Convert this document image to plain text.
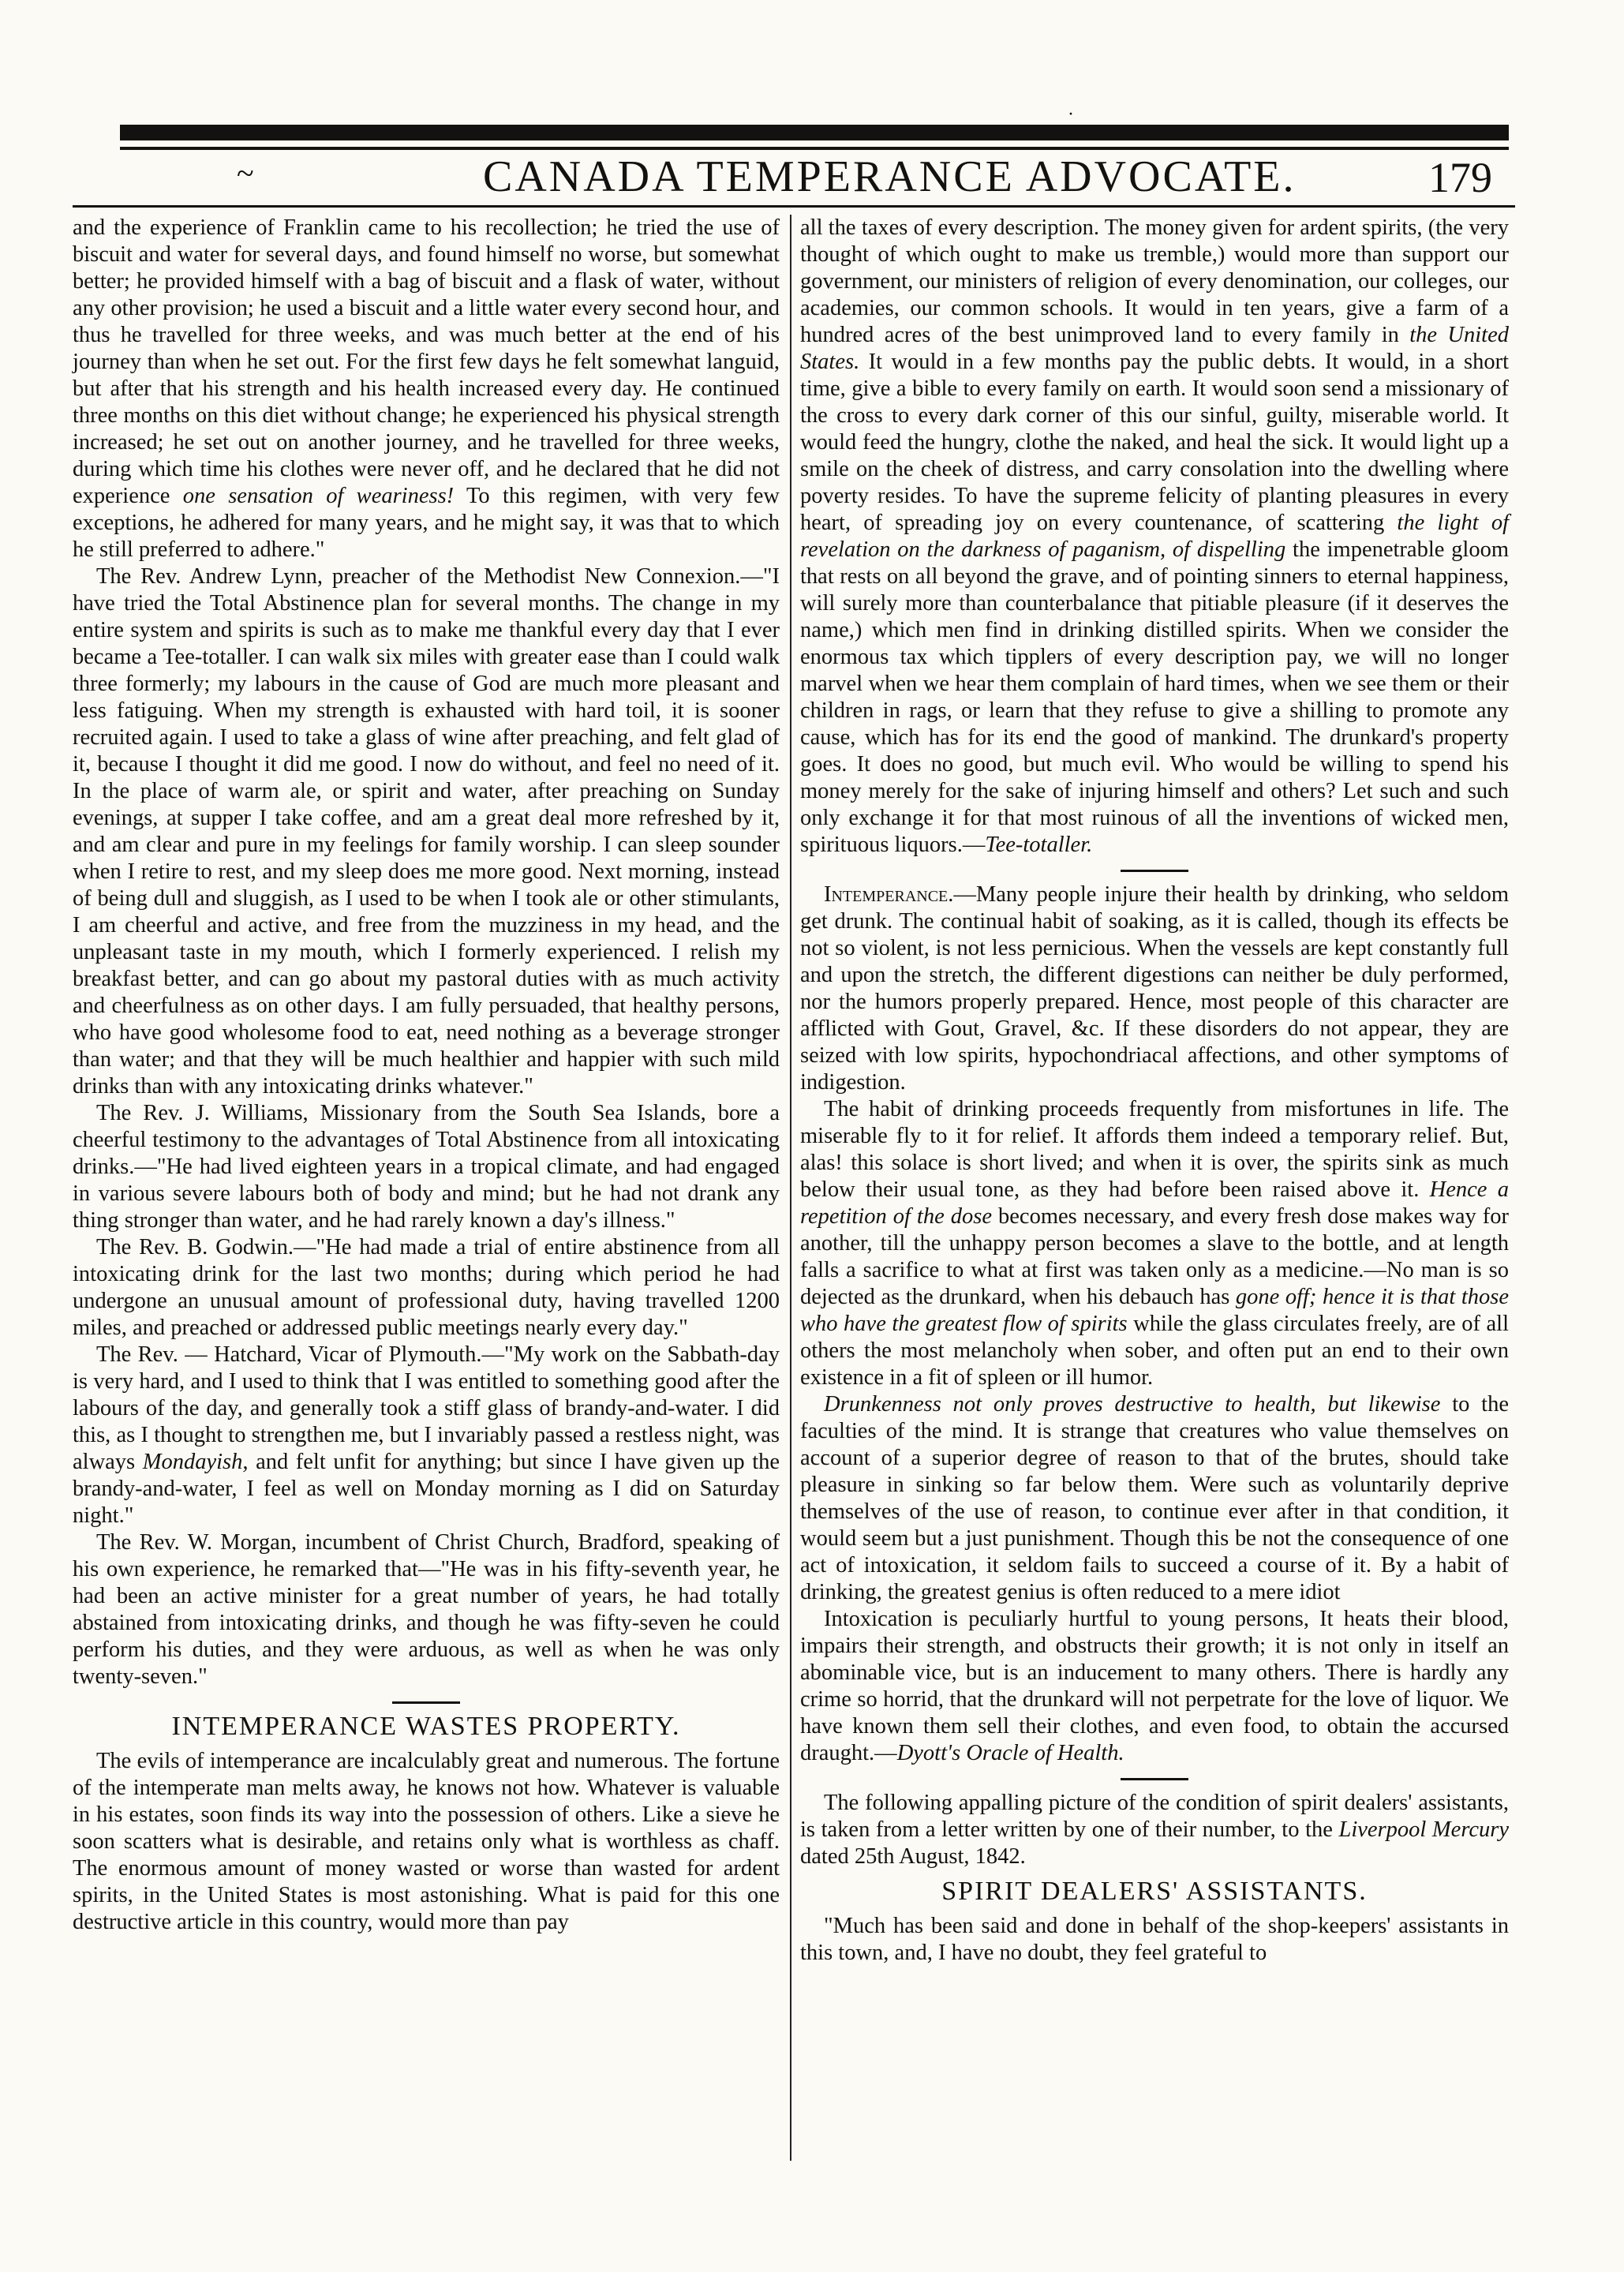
·
~	CANADA TEMPERANCE ADVOCATE.	179

and the experience of Franklin came to his recollection; he tried the use of biscuit and water for several days, and found himself no worse, but somewhat better; he provided himself with a bag of biscuit and a flask of water, without any other provision; he used a biscuit and a little water every second hour, and thus he travelled for three weeks, and was much better at the end of his journey than when he set out. For the first few days he felt somewhat languid, but after that his strength and his health increased every day. He continued three months on this diet without change; he experienced his physical strength increased; he set out on another journey, and he travelled for three weeks, during which time his clothes were never off, and he declared that he did not experience one sensation of weariness! To this regimen, with very few exceptions, he adhered for many years, and he might say, it was that to which he still preferred to adhere."

The Rev. Andrew Lynn, preacher of the Methodist New Connexion.—"I have tried the Total Abstinence plan for several months. The change in my entire system and spirits is such as to make me thankful every day that I ever became a Tee-totaller. I can walk six miles with greater ease than I could walk three formerly; my labours in the cause of God are much more pleasant and less fatiguing. When my strength is exhausted with hard toil, it is sooner recruited again. I used to take a glass of wine after preaching, and felt glad of it, because I thought it did me good. I now do without, and feel no need of it. In the place of warm ale, or spirit and water, after preaching on Sunday evenings, at supper I take coffee, and am a great deal more refreshed by it, and am clear and pure in my feelings for family worship. I can sleep sounder when I retire to rest, and my sleep does me more good. Next morning, instead of being dull and sluggish, as I used to be when I took ale or other stimulants, I am cheerful and active, and free from the muzziness in my head, and the unpleasant taste in my mouth, which I formerly experienced. I relish my breakfast better, and can go about my pastoral duties with as much activity and cheerfulness as on other days. I am fully persuaded, that healthy persons, who have good wholesome food to eat, need nothing as a beverage stronger than water; and that they will be much healthier and happier with such mild drinks than with any intoxicating drinks whatever."

The Rev. J. Williams, Missionary from the South Sea Islands, bore a cheerful testimony to the advantages of Total Abstinence from all intoxicating drinks.—"He had lived eighteen years in a tropical climate, and had engaged in various severe labours both of body and mind; but he had not drank any thing stronger than water, and he had rarely known a day's illness."

The Rev. B. Godwin.—"He had made a trial of entire abstinence from all intoxicating drink for the last two months; during which period he had undergone an unusual amount of professional duty, having travelled 1200 miles, and preached or addressed public meetings nearly every day."

The Rev. — Hatchard, Vicar of Plymouth.—"My work on the Sabbath-day is very hard, and I used to think that I was entitled to something good after the labours of the day, and generally took a stiff glass of brandy-and-water. I did this, as I thought to strengthen me, but I invariably passed a restless night, was always Mondayish, and felt unfit for anything; but since I have given up the brandy-and-water, I feel as well on Monday morning as I did on Saturday night."

The Rev. W. Morgan, incumbent of Christ Church, Bradford, speaking of his own experience, he remarked that—"He was in his fifty-seventh year, he had been an active minister for a great number of years, he had totally abstained from intoxicating drinks, and though he was fifty-seven he could perform his duties, and they were arduous, as well as when he was only twenty-seven."

INTEMPERANCE WASTES PROPERTY.

The evils of intemperance are incalculably great and numerous. The fortune of the intemperate man melts away, he knows not how. Whatever is valuable in his estates, soon finds its way into the possession of others. Like a sieve he soon scatters what is desirable, and retains only what is worthless as chaff. The enormous amount of money wasted or worse than wasted for ardent spirits, in the United States is most astonishing. What is paid for this one destructive article in this country, would more than pay

all the taxes of every description. The money given for ardent spirits, (the very thought of which ought to make us tremble,) would more than support our government, our ministers of religion of every denomination, our colleges, our academies, our common schools. It would in ten years, give a farm of a hundred acres of the best unimproved land to every family in the United States. It would in a few months pay the public debts. It would, in a short time, give a bible to every family on earth. It would soon send a missionary of the cross to every dark corner of this our sinful, guilty, miserable world. It would feed the hungry, clothe the naked, and heal the sick. It would light up a smile on the cheek of distress, and carry consolation into the dwelling where poverty resides. To have the supreme felicity of planting pleasures in every heart, of spreading joy on every countenance, of scattering the light of revelation on the darkness of paganism, of dispelling the impenetrable gloom that rests on all beyond the grave, and of pointing sinners to eternal happiness, will surely more than counterbalance that pitiable pleasure (if it deserves the name,) which men find in drinking distilled spirits. When we consider the enormous tax which tipplers of every description pay, we will no longer marvel when we hear them complain of hard times, when we see them or their children in rags, or learn that they refuse to give a shilling to promote any cause, which has for its end the good of mankind. The drunkard's property goes. It does no good, but much evil. Who would be willing to spend his money merely for the sake of injuring himself and others? Let such and such only exchange it for that most ruinous of all the inventions of wicked men, spirituous liquors.—Tee-totaller.

Intemperance.—Many people injure their health by drinking, who seldom get drunk. The continual habit of soaking, as it is called, though its effects be not so violent, is not less pernicious. When the vessels are kept constantly full and upon the stretch, the different digestions can neither be duly performed, nor the humors properly prepared. Hence, most people of this character are afflicted with Gout, Gravel, &c. If these disorders do not appear, they are seized with low spirits, hypochondriacal affections, and other symptoms of indigestion.

The habit of drinking proceeds frequently from misfortunes in life. The miserable fly to it for relief. It affords them indeed a temporary relief. But, alas! this solace is short lived; and when it is over, the spirits sink as much below their usual tone, as they had before been raised above it. Hence a repetition of the dose becomes necessary, and every fresh dose makes way for another, till the unhappy person becomes a slave to the bottle, and at length falls a sacrifice to what at first was taken only as a medicine.—No man is so dejected as the drunkard, when his debauch has gone off; hence it is that those who have the greatest flow of spirits while the glass circulates freely, are of all others the most melancholy when sober, and often put an end to their own existence in a fit of spleen or ill humor.

Drunkenness not only proves destructive to health, but likewise to the faculties of the mind. It is strange that creatures who value themselves on account of a superior degree of reason to that of the brutes, should take pleasure in sinking so far below them. Were such as voluntarily deprive themselves of the use of reason, to continue ever after in that condition, it would seem but a just punishment. Though this be not the consequence of one act of intoxication, it seldom fails to succeed a course of it. By a habit of drinking, the greatest genius is often reduced to a mere idiot

Intoxication is peculiarly hurtful to young persons, It heats their blood, impairs their strength, and obstructs their growth; it is not only in itself an abominable vice, but is an inducement to many others. There is hardly any crime so horrid, that the drunkard will not perpetrate for the love of liquor. We have known them sell their clothes, and even food, to obtain the accursed draught.—Dyott's Oracle of Health.

The following appalling picture of the condition of spirit dealers' assistants, is taken from a letter written by one of their number, to the Liverpool Mercury dated 25th August, 1842.

SPIRIT DEALERS' ASSISTANTS.

"Much has been said and done in behalf of the shop-keepers' assistants in this town, and, I have no doubt, they feel grateful to
